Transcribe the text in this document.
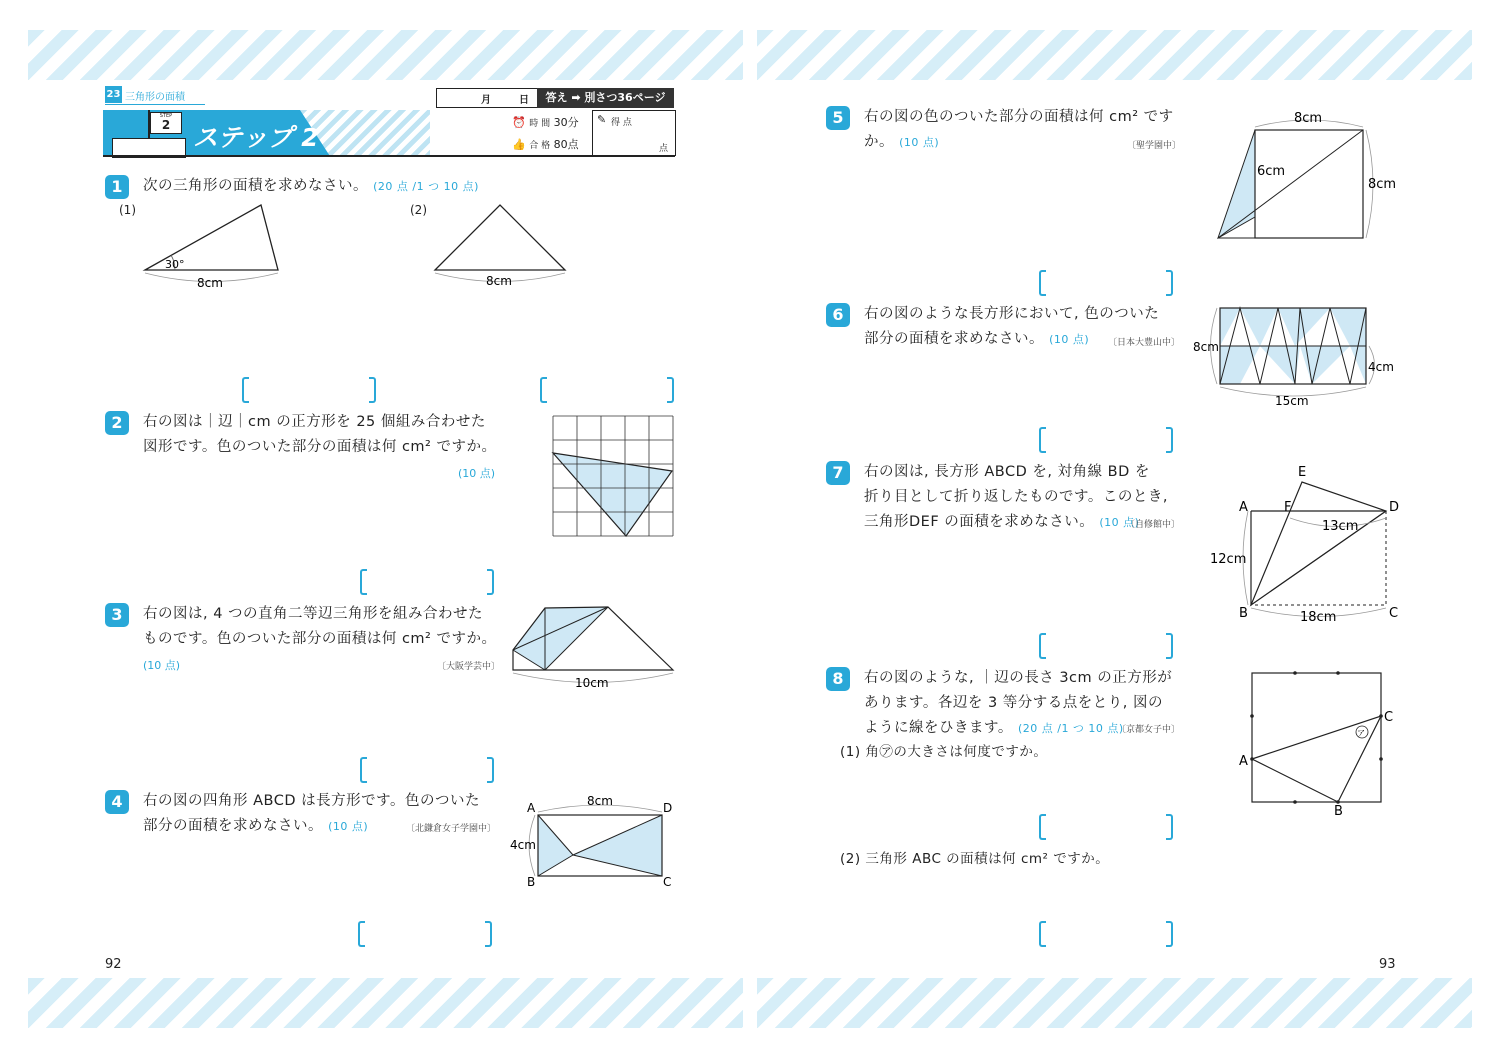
23 三角形の面積
STEP
2 ステップ 2
月	日	答え ➡ 別さつ36ページ
⏰ 時 間 30分
👍 合 格 80点
✎ 得 点
点
1	次の三角形の面積を求めなさい。 (20 点 /1 つ 10 点)
(1)	(2)
30°
8cm	8cm
2	右の図は｜辺｜cm の正方形を 25 個組み合わせた
図形です。色のついた部分の面積は何 cm² ですか。
(10 点)
3	右の図は, 4 つの直角二等辺三角形を組み合わせた
ものです。色のついた部分の面積は何 cm² ですか。
(10 点)	〔大阪学芸中〕
10cm
4	右の図の四角形 ABCD は長方形です。色のついた
部分の面積を求めなさい。 (10 点)	〔北鎌倉女子学園中〕
A	D
B	C
8cm
4cm
92
5	右の図の色のついた部分の面積は何 cm² です
か。 (10 点)	〔聖学園中〕
8cm
6cm
8cm
6	右の図のような長方形において, 色のついた
部分の面積を求めなさい。 (10 点)	〔日本大豊山中〕 8cm
4cm
15cm
7	右の図は, 長方形 ABCD を, 対角線 BD を
折り目として折り返したものです。このとき,
三角形DEF の面積を求めなさい。 (10 点)
〔自修館中〕
E
A	F	D
B	C
13cm
12cm
18cm
8	右の図のような, ｜辺の長さ 3cm の正方形が
あります。各辺を 3 等分する点をとり, 図の
ように線をひきます。 (20 点 /1 つ 10 点)
〔京都女子中〕
(1) 角㋐の大きさは何度ですか。
ア
A
B
C
(2) 三角形 ABC の面積は何 cm² ですか。
93
